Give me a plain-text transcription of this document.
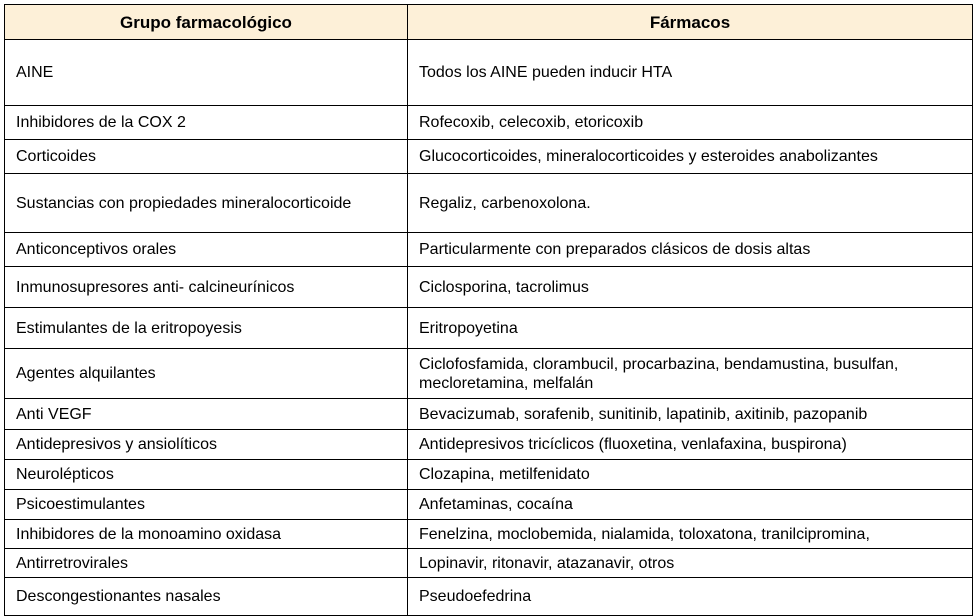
Grupo farmacológico	Fármacos
AINE	Todos los AINE pueden inducir HTA
Inhibidores de la COX 2	Rofecoxib, celecoxib, etoricoxib
Corticoides	Glucocorticoides, mineralocorticoides y esteroides anabolizantes
Sustancias con propiedades mineralocorticoide	Regaliz, carbenoxolona.
Anticonceptivos orales	Particularmente con preparados clásicos de dosis altas
Inmunosupresores anti- calcineurínicos	Ciclosporina, tacrolimus
Estimulantes de la eritropoyesis	Eritropoyetina
Agentes alquilantes	Ciclofosfamida, clorambucil, procarbazina, bendamustina, busulfan, mecloretamina, melfalán
Anti VEGF	Bevacizumab, sorafenib, sunitinib, lapatinib, axitinib, pazopanib
Antidepresivos y ansiolíticos	Antidepresivos tricíclicos (fluoxetina, venlafaxina, buspirona)
Neurolépticos	Clozapina, metilfenidato
Psicoestimulantes	Anfetaminas, cocaína
Inhibidores de la monoamino oxidasa	Fenelzina, moclobemida, nialamida, toloxatona, tranilcipromina,
Antirretrovirales	Lopinavir, ritonavir, atazanavir, otros
Descongestionantes nasales	Pseudoefedrina
